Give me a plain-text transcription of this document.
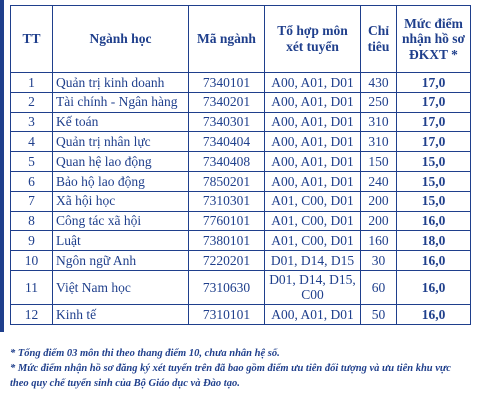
TT	Ngành học	Mã ngành	Tổ hợp môn xét tuyển	Chỉ tiêu	Mức điểm nhận hồ sơ ĐKXT *
1	Quản trị kinh doanh	7340101	A00, A01, D01	430	17,0
2	Tài chính - Ngân hàng	7340201	A00, A01, D01	250	17,0
3	Kế toán	7340301	A00, A01, D01	310	17,0
4	Quản trị nhân lực	7340404	A00, A01, D01	310	17,0
5	Quan hệ lao động	7340408	A00, A01, D01	150	15,0
6	Bảo hộ lao động	7850201	A00, A01, D01	240	15,0
7	Xã hội học	7310301	A01, C00, D01	200	15,0
8	Công tác xã hội	7760101	A01, C00, D01	200	16,0
9	Luật	7380101	A01, C00, D01	160	18,0
10	Ngôn ngữ Anh	7220201	D01, D14, D15	30	16,0
11	Việt Nam học	7310630	D01, D14, D15, C00	60	16,0
12	Kinh tế	7310101	A00, A01, D01	50	16,0

* Tổng điểm 03 môn thi theo thang điểm 10, chưa nhân hệ số.

* Mức điểm nhận hồ sơ đăng ký xét tuyển trên đã bao gồm điểm ưu tiên đối tượng và ưu tiên khu vực theo quy chế tuyển sinh của Bộ Giáo dục và Đào tạo.
